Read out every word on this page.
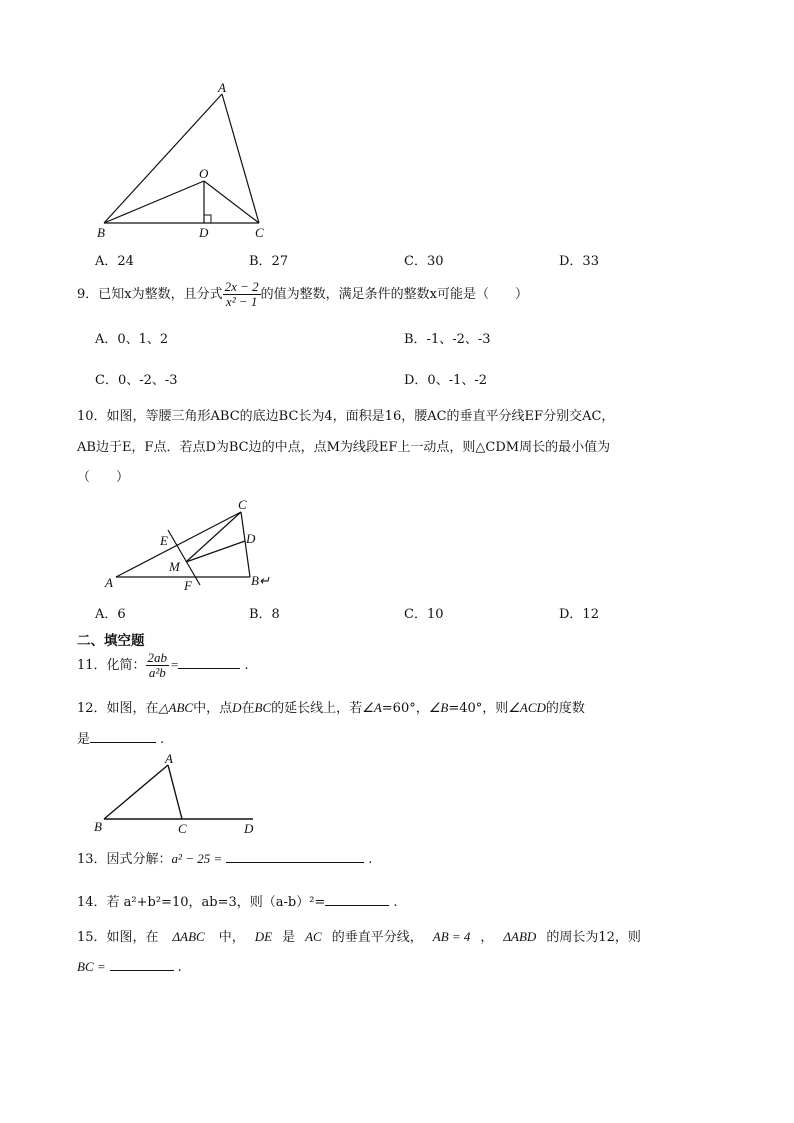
A
O
B	D	C
A．24	B．27	C．30	D．33
9．已知x为整数，且分式 $\frac{2x - 2}{\text{x² − 1}}$ 的值为整数，满足条件的整数x可能是（　　）
A．0、1、2	B．-1、-2、-3
C．0、-2、-3	D．0、-1、-2
10．如图，等腰三角形ABC的底边BC长为4，面积是16，腰AC的垂直平分线EF分别交AC，
AB边于E，F点．若点D为BC边的中点，点M为线段EF上一动点，则△CDM周长的最小值为
（　　）
C
E	D
M
A	F	B↵
A．6	B．8	C．10	D．12
二、填空题
11．化简： $\frac{2ab}{\text{a²b}}$ =	.
12．如图，在△ABC中，点D在BC的延长线上，若∠A=60°，∠B=40°，则∠ACD的度数
是	.
A
B	C	D
13．因式分解：a² − 25 =	.
14．若 a²+b²=10，ab=3，则（a-b）²=	.
15．如图，在 ΔABC 中， DE 是 AC 的垂直平分线， AB = 4 ， ΔABD 的周长为12，则
BC =	.
